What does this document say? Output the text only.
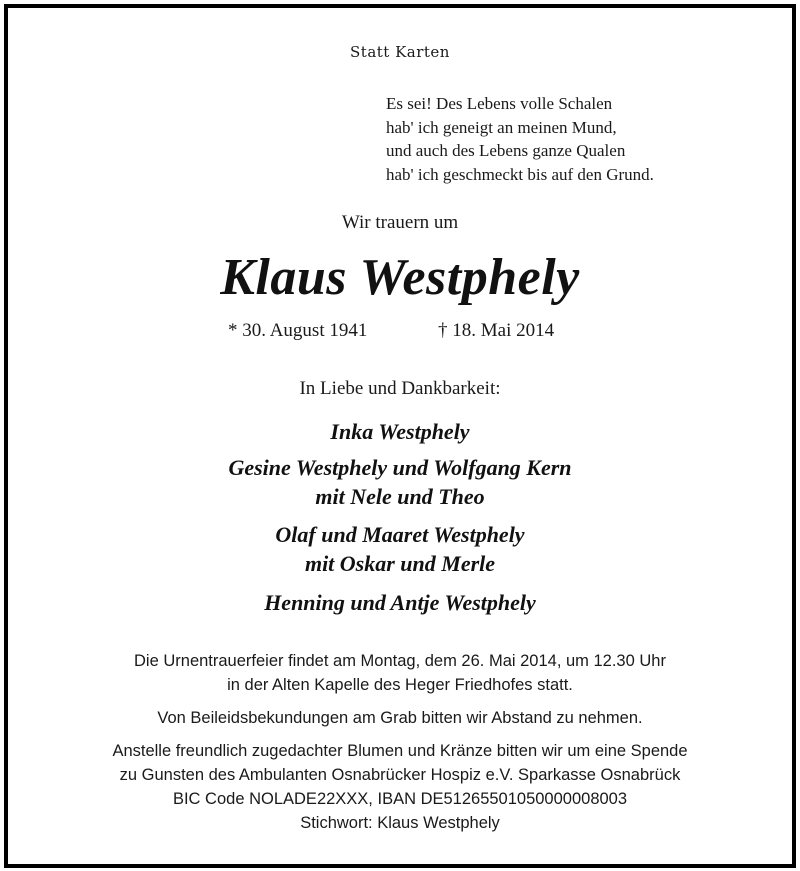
Statt Karten
Es sei! Des Lebens volle Schalen
hab' ich geneigt an meinen Mund,
und auch des Lebens ganze Qualen
hab' ich geschmeckt bis auf den Grund.
Wir trauern um
Klaus Westphely
* 30. August 1941	† 18. Mai 2014
In Liebe und Dankbarkeit:
Inka Westphely
Gesine Westphely und Wolfgang Kern
mit Nele und Theo
Olaf und Maaret Westphely
mit Oskar und Merle
Henning und Antje Westphely
Die Urnentrauerfeier findet am Montag, dem 26. Mai 2014, um 12.30 Uhr
in der Alten Kapelle des Heger Friedhofes statt.
Von Beileidsbekundungen am Grab bitten wir Abstand zu nehmen.
Anstelle freundlich zugedachter Blumen und Kränze bitten wir um eine Spende
zu Gunsten des Ambulanten Osnabrücker Hospiz e.V. Sparkasse Osnabrück
BIC Code NOLADE22XXX, IBAN DE51265501050000008003
Stichwort: Klaus Westphely
